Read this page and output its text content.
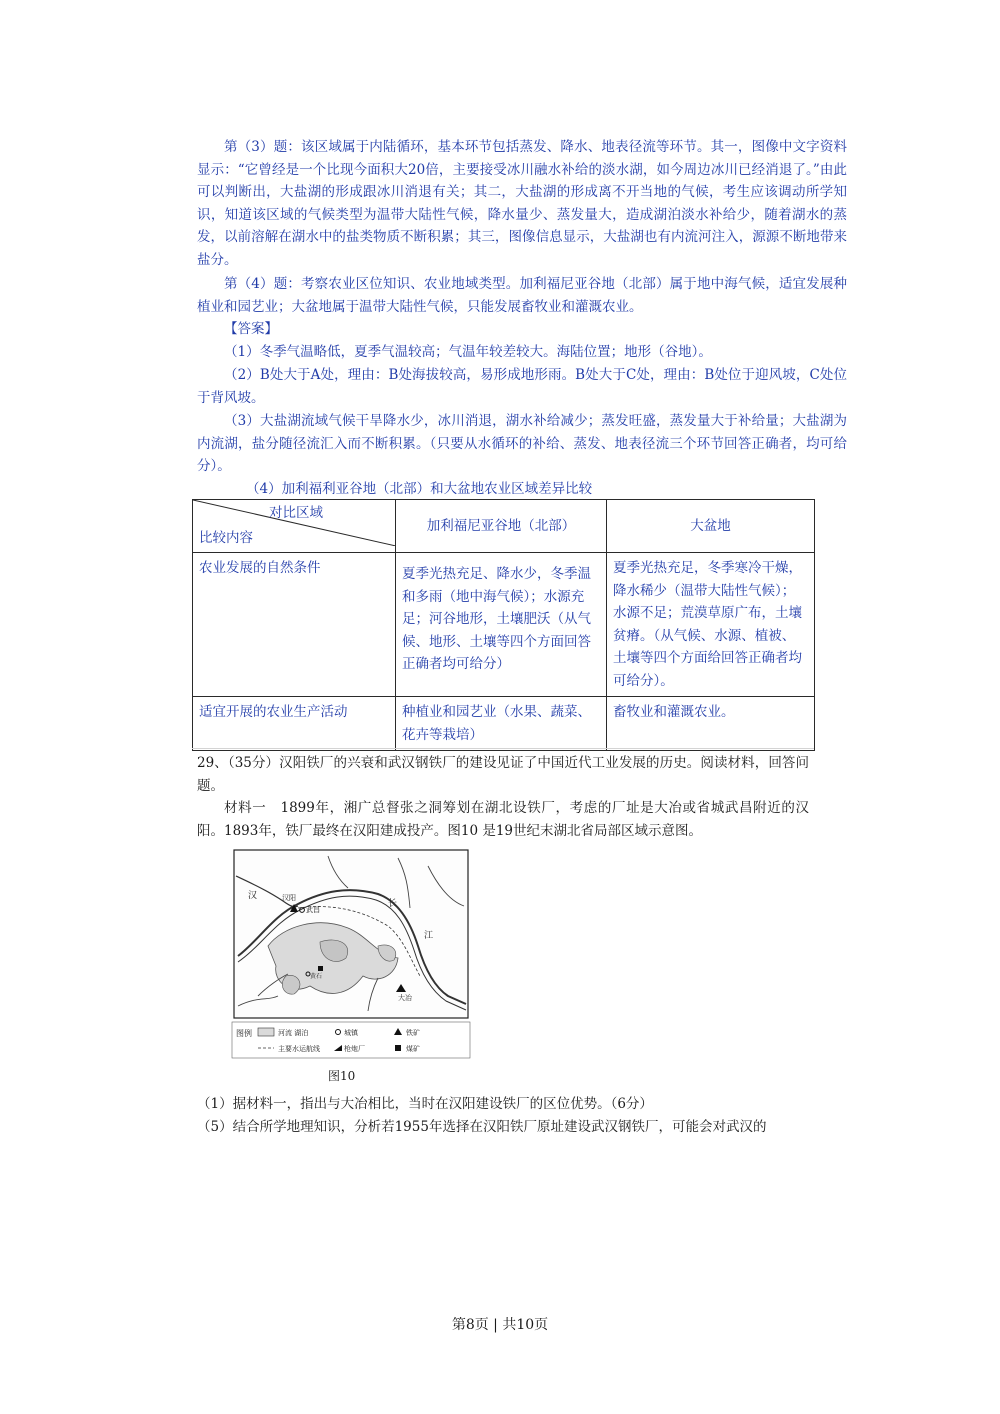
第（3）题：该区域属于内陆循环，基本环节包括蒸发、降水、地表径流等环节。其一，图像中文字资料显示：“它曾经是一个比现今面积大20倍，主要接受冰川融水补给的淡水湖，如今周边冰川已经消退了。”由此可以判断出，大盐湖的形成跟冰川消退有关；其二，大盐湖的形成离不开当地的气候，考生应该调动所学知识，知道该区域的气候类型为温带大陆性气候，降水量少、蒸发量大，造成湖泊淡水补给少，随着湖水的蒸发，以前溶解在湖水中的盐类物质不断积累；其三，图像信息显示，大盐湖也有内流河注入，源源不断地带来盐分。

第（4）题：考察农业区位知识、农业地域类型。加利福尼亚谷地（北部）属于地中海气候，适宜发展种植业和园艺业；大盆地属于温带大陆性气候，只能发展畜牧业和灌溉农业。

【答案】

（1）冬季气温略低，夏季气温较高；气温年较差较大。海陆位置；地形（谷地）。

（2）B处大于A处，理由：B处海拔较高，易形成地形雨。B处大于C处，理由：B处位于迎风坡，C处位于背风坡。

（3）大盐湖流域气候干旱降水少，冰川消退，湖水补给减少；蒸发旺盛，蒸发量大于补给量；大盐湖为内流湖，盐分随径流汇入而不断积累。（只要从水循环的补给、蒸发、地表径流三个环节回答正确者，均可给分）。

（4）加利福利亚谷地（北部）和大盆地农业区域差异比较

对比区域
比较内容	加利福尼亚谷地（北部）	大盆地
农业发展的自然条件	夏季光热充足、降水少，冬季温和多雨（地中海气候）；水源充足；河谷地形，土壤肥沃（从气候、地形、土壤等四个方面回答正确者均可给分）	夏季光热充足，冬季寒冷干燥，降水稀少（温带大陆性气候）；水源不足；荒漠草原广布，土壤贫瘠。（从气候、水源、植被、土壤等四个方面给回答正确者均可给分）。
适宜开展的农业生产活动	种植业和园艺业（水果、蔬菜、花卉等栽培）	畜牧业和灌溉农业。

29、（35分）汉阳铁厂的兴衰和武汉钢铁厂的建设见证了中国近代工业发展的历史。阅读材料，回答问题。

材料一　1899年，湘广总督张之洞筹划在湖北设铁厂，考虑的厂址是大冶或省城武昌附近的汉阳。1893年，铁厂最终在汉阳建成投产。图10 是19世纪末湖北省局部区域示意图。

汉	汉阳
武昌
长
江
大冶
黄石
图例	河流 湖泊	城镇	铁矿
主要水运航线	枪炮厂	煤矿
图10

（1）据材料一，指出与大冶相比，当时在汉阳建设铁厂的区位优势。（6分）

（5）结合所学地理知识，分析若1955年选择在汉阳铁厂原址建设武汉钢铁厂，可能会对武汉的

第8页 | 共10页
